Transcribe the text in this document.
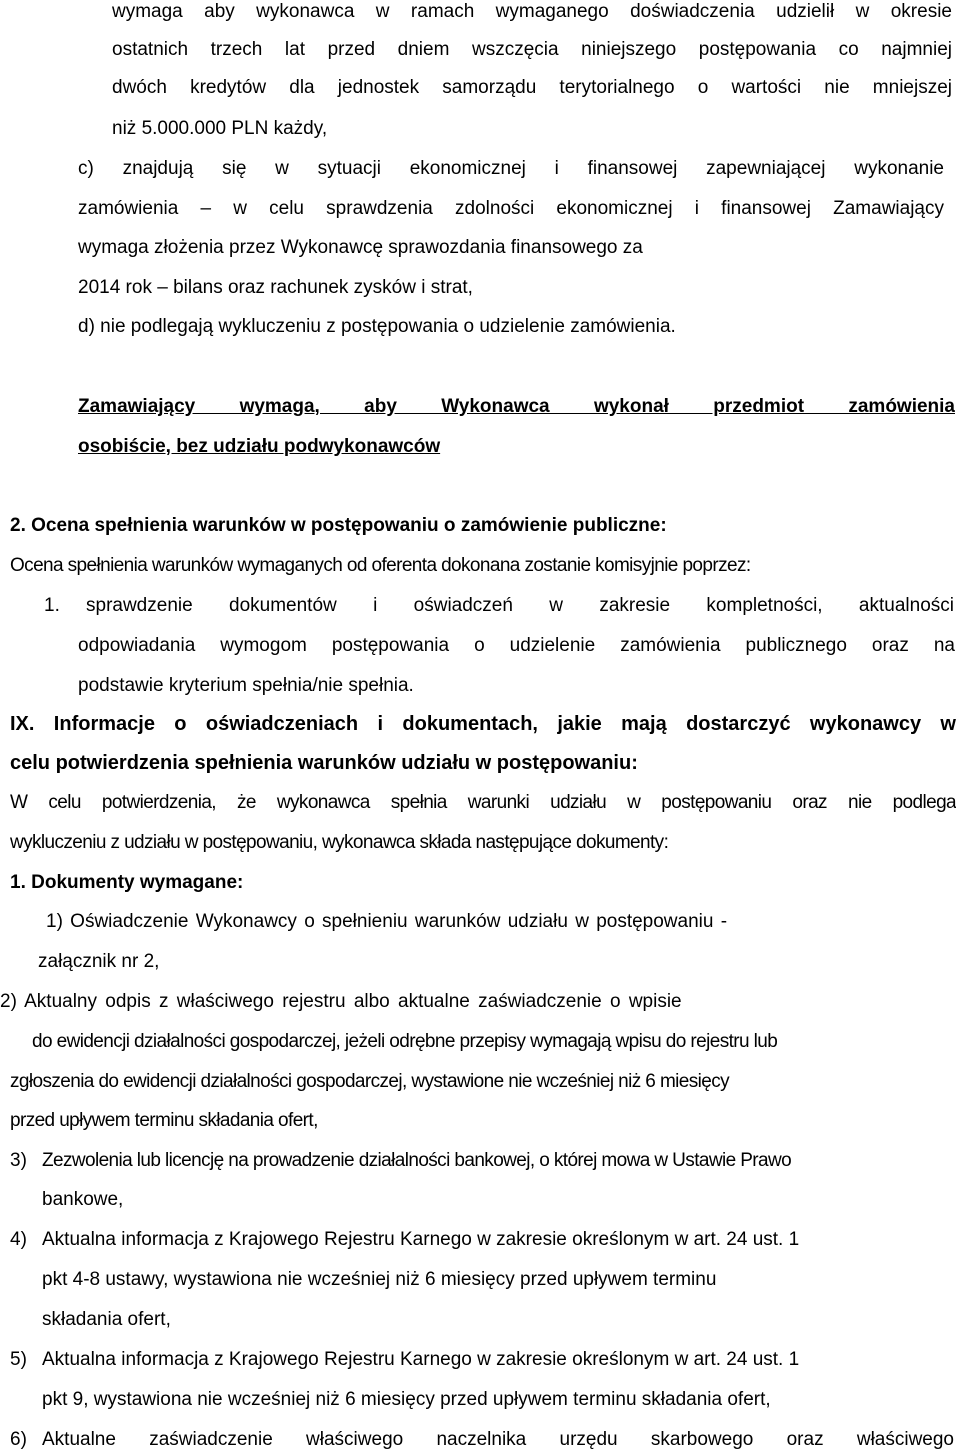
wymaga aby wykonawca w ramach wymaganego doświadczenia udzielił w okresie
ostatnich trzech lat przed dniem wszczęcia niniejszego postępowania co najmniej
dwóch kredytów dla jednostek samorządu terytorialnego o wartości nie mniejszej
niż 5.000.000 PLN każdy,
c) znajdują się w sytuacji ekonomicznej i finansowej zapewniającej wykonanie
zamówienia – w celu sprawdzenia zdolności ekonomicznej i finansowej Zamawiający
wymaga złożenia przez Wykonawcę sprawozdania finansowego za
2014 rok – bilans oraz rachunek zysków i strat,
d) nie podlegają wykluczeniu z postępowania o udzielenie zamówienia.
Zamawiający wymaga, aby Wykonawca wykonał przedmiot zamówienia
osobiście, bez udziału podwykonawców
2. Ocena spełnienia warunków w postępowaniu o zamówienie publiczne:
Ocena spełnienia warunków wymaganych od oferenta dokonana zostanie komisyjnie poprzez:
1. sprawdzenie dokumentów i oświadczeń w zakresie kompletności, aktualności
odpowiadania wymogom postępowania o udzielenie zamówienia publicznego oraz na
podstawie kryterium spełnia/nie spełnia.
IX. Informacje o oświadczeniach i dokumentach, jakie mają dostarczyć wykonawcy w
celu potwierdzenia spełnienia warunków udziału w postępowaniu:
W celu potwierdzenia, że wykonawca spełnia warunki udziału w postępowaniu oraz nie podlega
wykluczeniu z udziału w postępowaniu, wykonawca składa następujące dokumenty:
1. Dokumenty wymagane:
1) Oświadczenie Wykonawcy o spełnieniu warunków udziału w postępowaniu -
załącznik nr 2,
2) Aktualny odpis z właściwego rejestru albo aktualne zaświadczenie o wpisie
do ewidencji działalności gospodarczej, jeżeli odrębne przepisy wymagają wpisu do rejestru lub
zgłoszenia do ewidencji działalności gospodarczej, wystawione nie wcześniej niż 6 miesięcy
przed upływem terminu składania ofert,
3) Zezwolenia lub licencję na prowadzenie działalności bankowej, o której mowa w Ustawie Prawo
bankowe,
4) Aktualna informacja z Krajowego Rejestru Karnego w zakresie określonym w art. 24 ust. 1
pkt 4-8 ustawy, wystawiona nie wcześniej niż 6 miesięcy przed upływem terminu
składania ofert,
5) Aktualna informacja z Krajowego Rejestru Karnego w zakresie określonym w art. 24 ust. 1
pkt 9, wystawiona nie wcześniej niż 6 miesięcy przed upływem terminu składania ofert,
6) Aktualne zaświadczenie właściwego naczelnika urzędu skarbowego oraz właściwego
